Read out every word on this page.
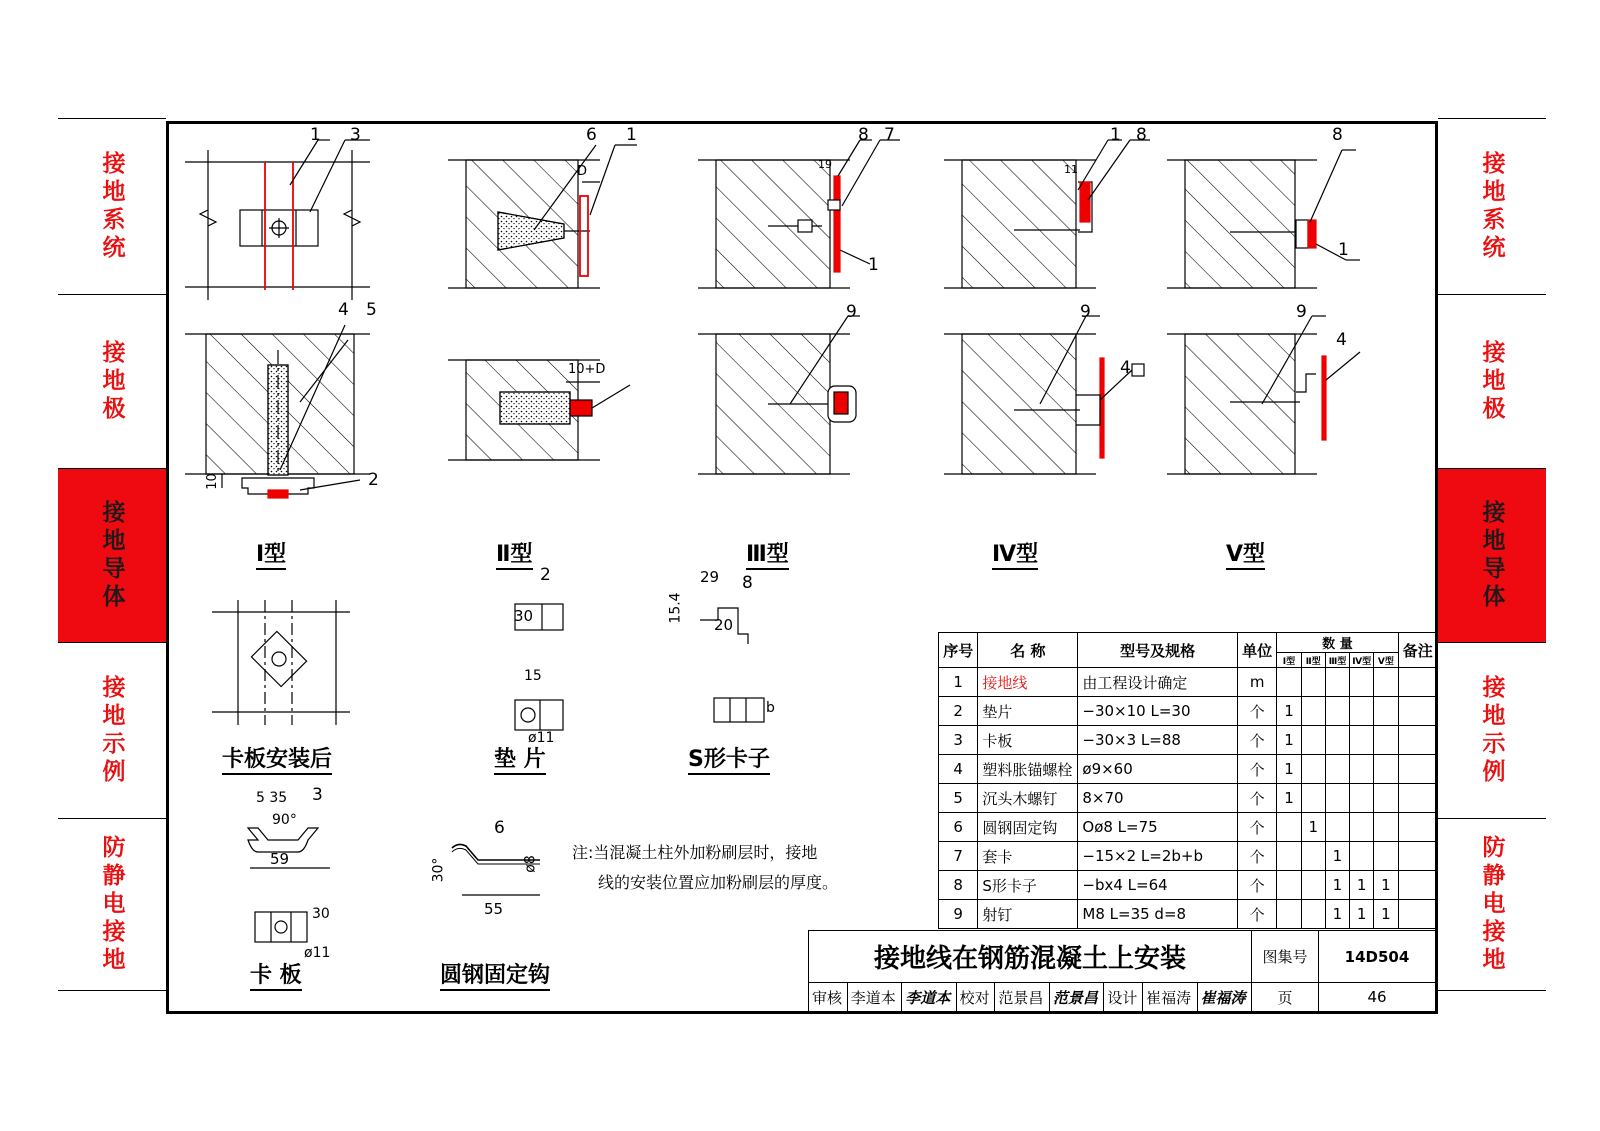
接地系统
接地极
接地导体
接地示例
防静电接地
接地系统
接地极
接地导体
接地示例
防静电接地
1 3
4 5
2
6 1	8 7
1
1 8	8
1
9	9	9
4
4
2	8
3
6
D
10+D
19	11
10
29
15.4
20
30
15
ø11
b
5 35
90°
59
ø11
30
30°	ø8
55
Ⅰ型	Ⅱ型	Ⅲ型	Ⅳ型	Ⅴ型
卡板安装后	垫 片	S形卡子
卡 板	圆钢固定钩
注:当混凝土柱外加粉刷层时，接地
线的安装位置应加粉刷层的厚度。
序号	名 称	型号及规格	单位	数 量					备注
				Ⅰ型	Ⅱ型	Ⅲ型	Ⅳ型	Ⅴ型	
1	接地线	由工程设计确定	m						
2	垫片	−30×10 L=30	个	1					
3	卡板	−30×3 L=88	个	1					
4	塑料胀锚螺栓	ø9×60	个	1					
5	沉头木螺钉	8×70	个	1					
6	圆钢固定钩	Oø8 L=75	个		1				
7	套卡	−15×2 L=2b+b	个			1			
8	S形卡子	−bx4 L=64	个			1	1	1	
9	射钉	M8 L=35 d=8	个			1	1	1	
接地线在钢筋混凝土上安装									图集号	14D504
审核	李道本	李道本	校对	范景昌	范景昌	设计	崔福涛	崔福涛	页	46
